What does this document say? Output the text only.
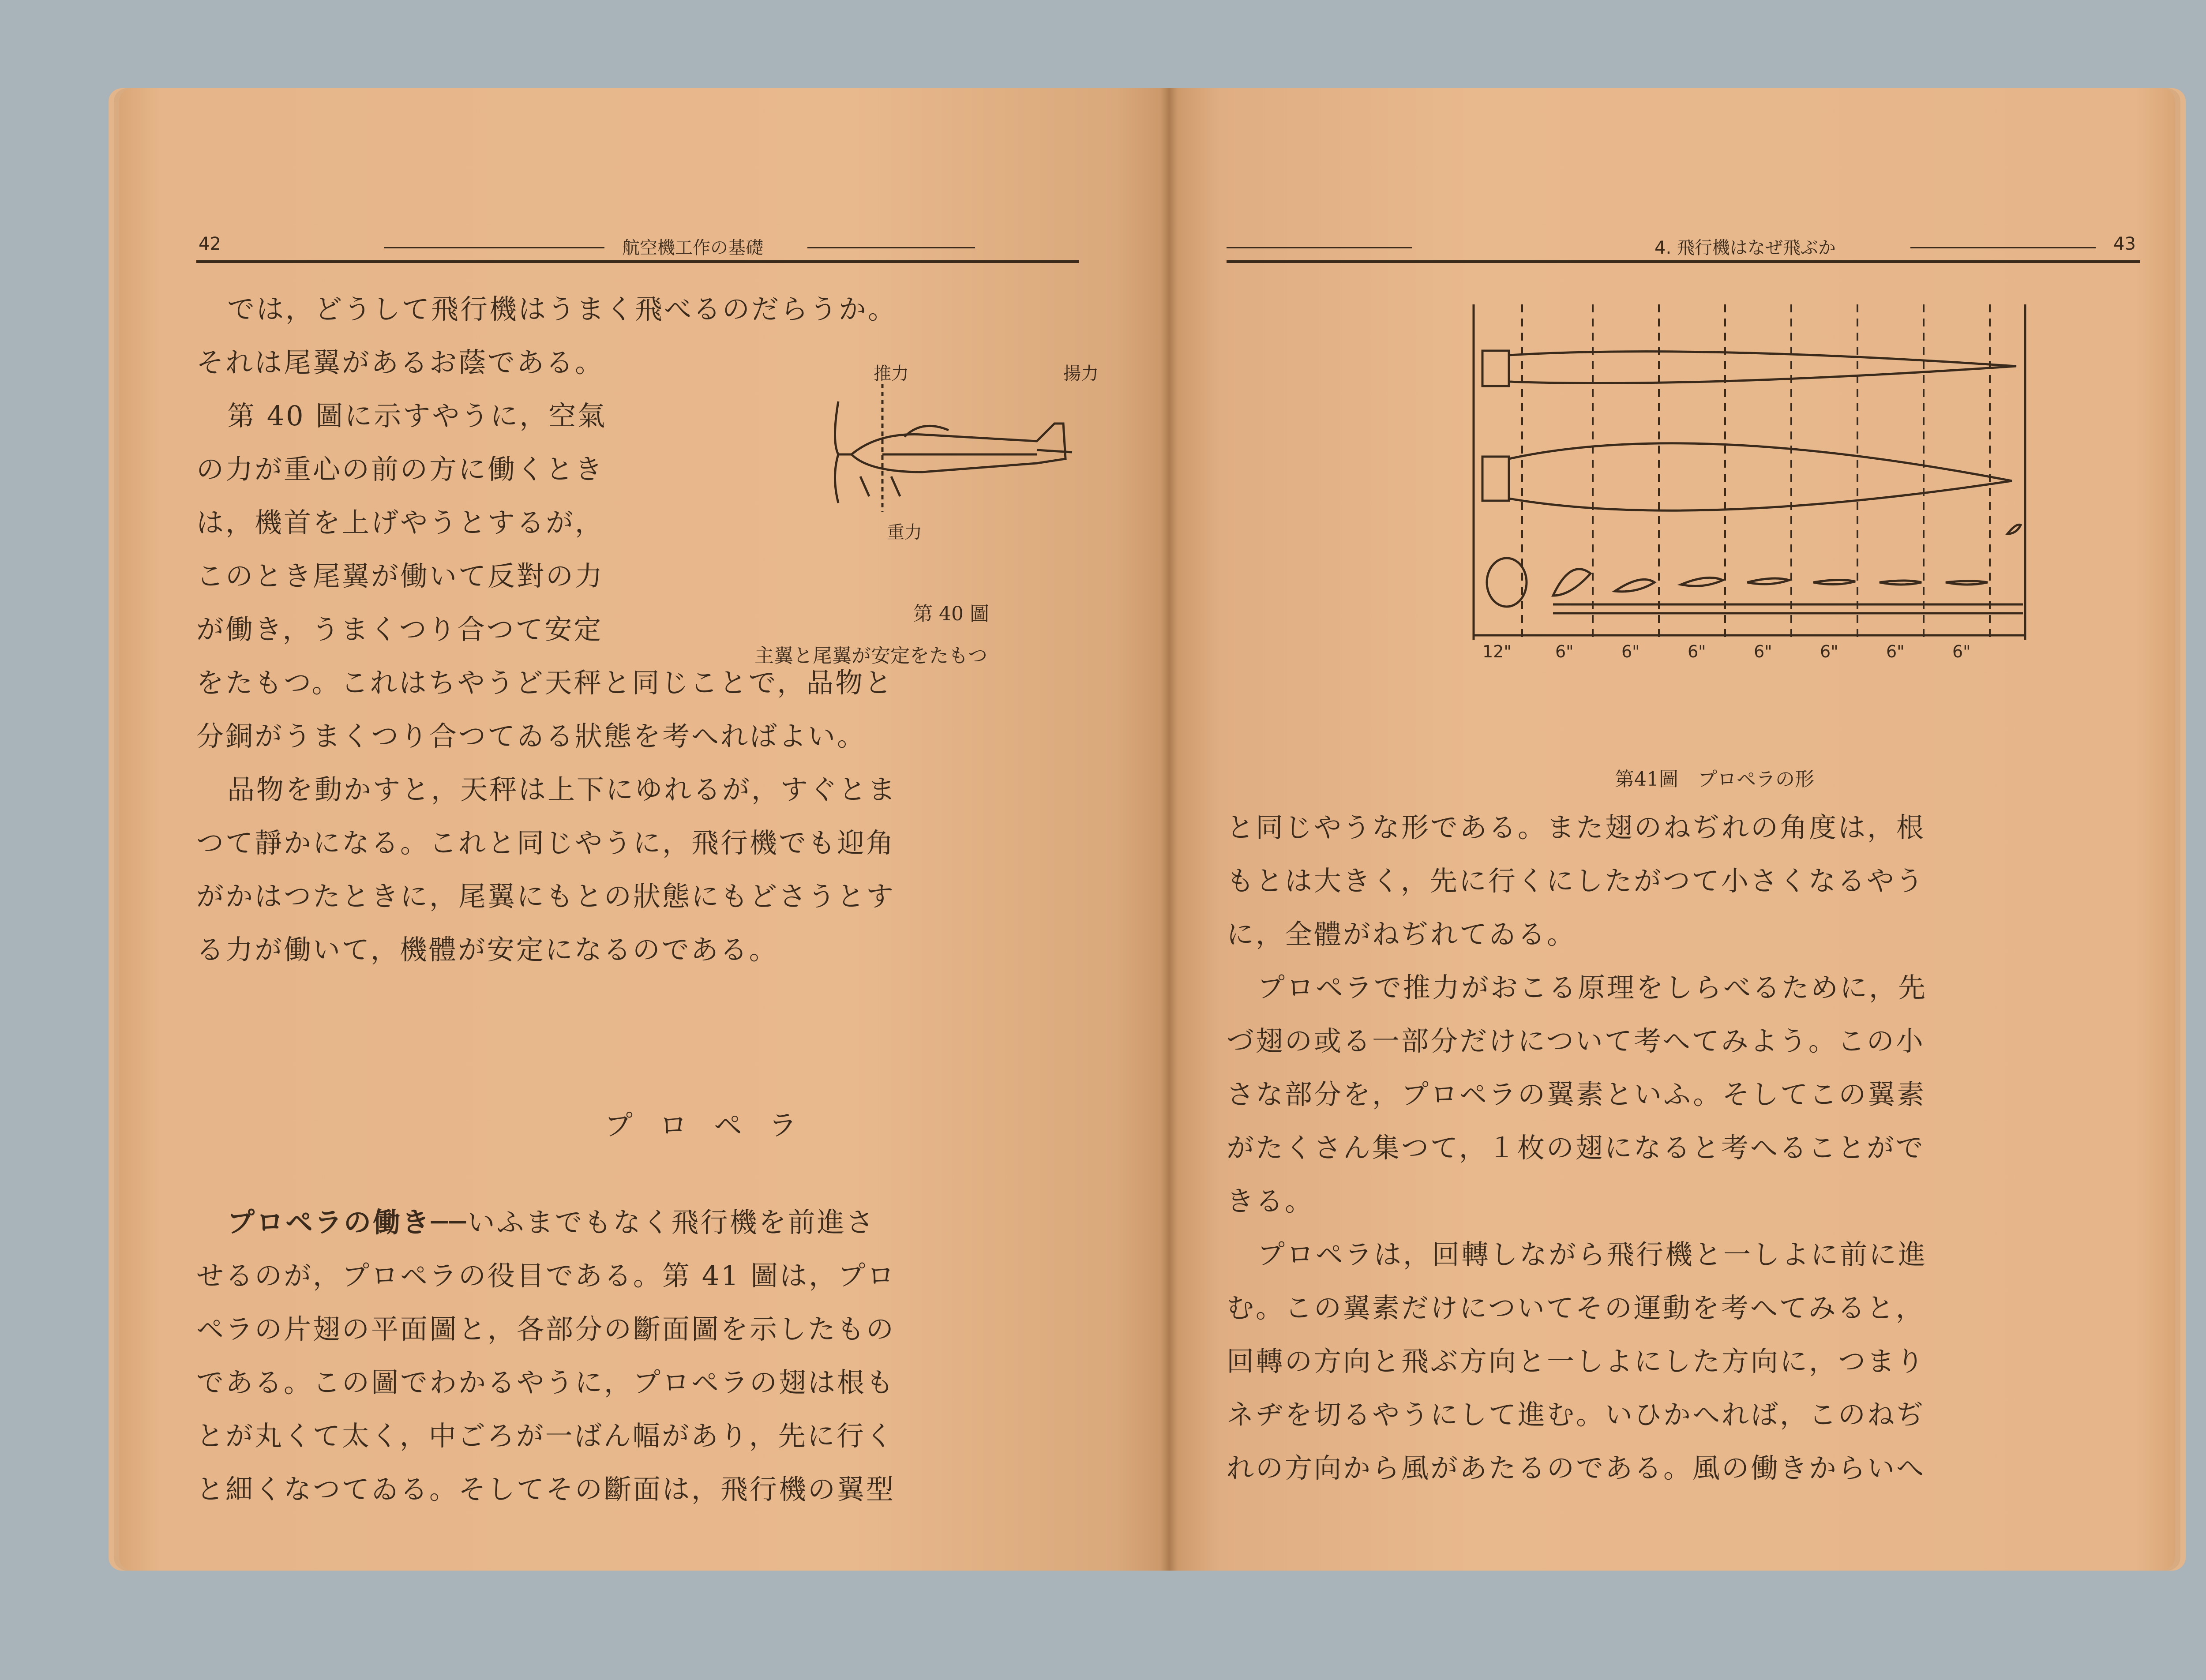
42	航空機工作の基礎

では，どうして飛行機はうまく飛べるのだらうか。

それは尾翼があるお蔭である。

第 40 圖に示すやうに，空氣

の力が重心の前の方に働くとき

は，機首を上げやうとするが，

このとき尾翼が働いて反對の力

が働き，うまくつり合つて安定

推力	揚力
重力
第 40 圖
主翼と尾翼が安定をたもつ

をたもつ。これはちやうど天秤と同じことで，品物と

分銅がうまくつり合つてゐる狀態を考へればよい。

品物を動かすと，天秤は上下にゆれるが，すぐとま

つて靜かになる。これと同じやうに，飛行機でも迎角

がかはつたときに，尾翼にもとの狀態にもどさうとす

る力が働いて，機體が安定になるのである。

プロペラ

プロペラの働き──いふまでもなく飛行機を前進さ

せるのが，プロペラの役目である。第 41 圖は，プロ

ペラの片翅の平面圖と，各部分の斷面圖を示したもの

である。この圖でわかるやうに，プロペラの翅は根も

とが丸くて太く，中ごろが一ばん幅があり，先に行く

と細くなつてゐる。そしてその斷面は，飛行機の翼型

4. 飛行機はなぜ飛ぶか	43
12"	6"	6"	6"	6"	6"	6"	6"
第41圖　プロペラの形

と同じやうな形である。また翅のねぢれの角度は，根

もとは大きく，先に行くにしたがつて小さくなるやう

に，全體がねぢれてゐる。

プロペラで推力がおこる原理をしらべるために，先

づ翅の或る一部分だけについて考へてみよう。この小

さな部分を，プロペラの翼素といふ。そしてこの翼素

がたくさん集つて，１枚の翅になると考へることがで

きる。

プロペラは，回轉しながら飛行機と一しよに前に進

む。この翼素だけについてその運動を考へてみると，

回轉の方向と飛ぶ方向と一しよにした方向に，つまり

ネヂを切るやうにして進む。いひかへれば，このねぢ

れの方向から風があたるのである。風の働きからいへ
